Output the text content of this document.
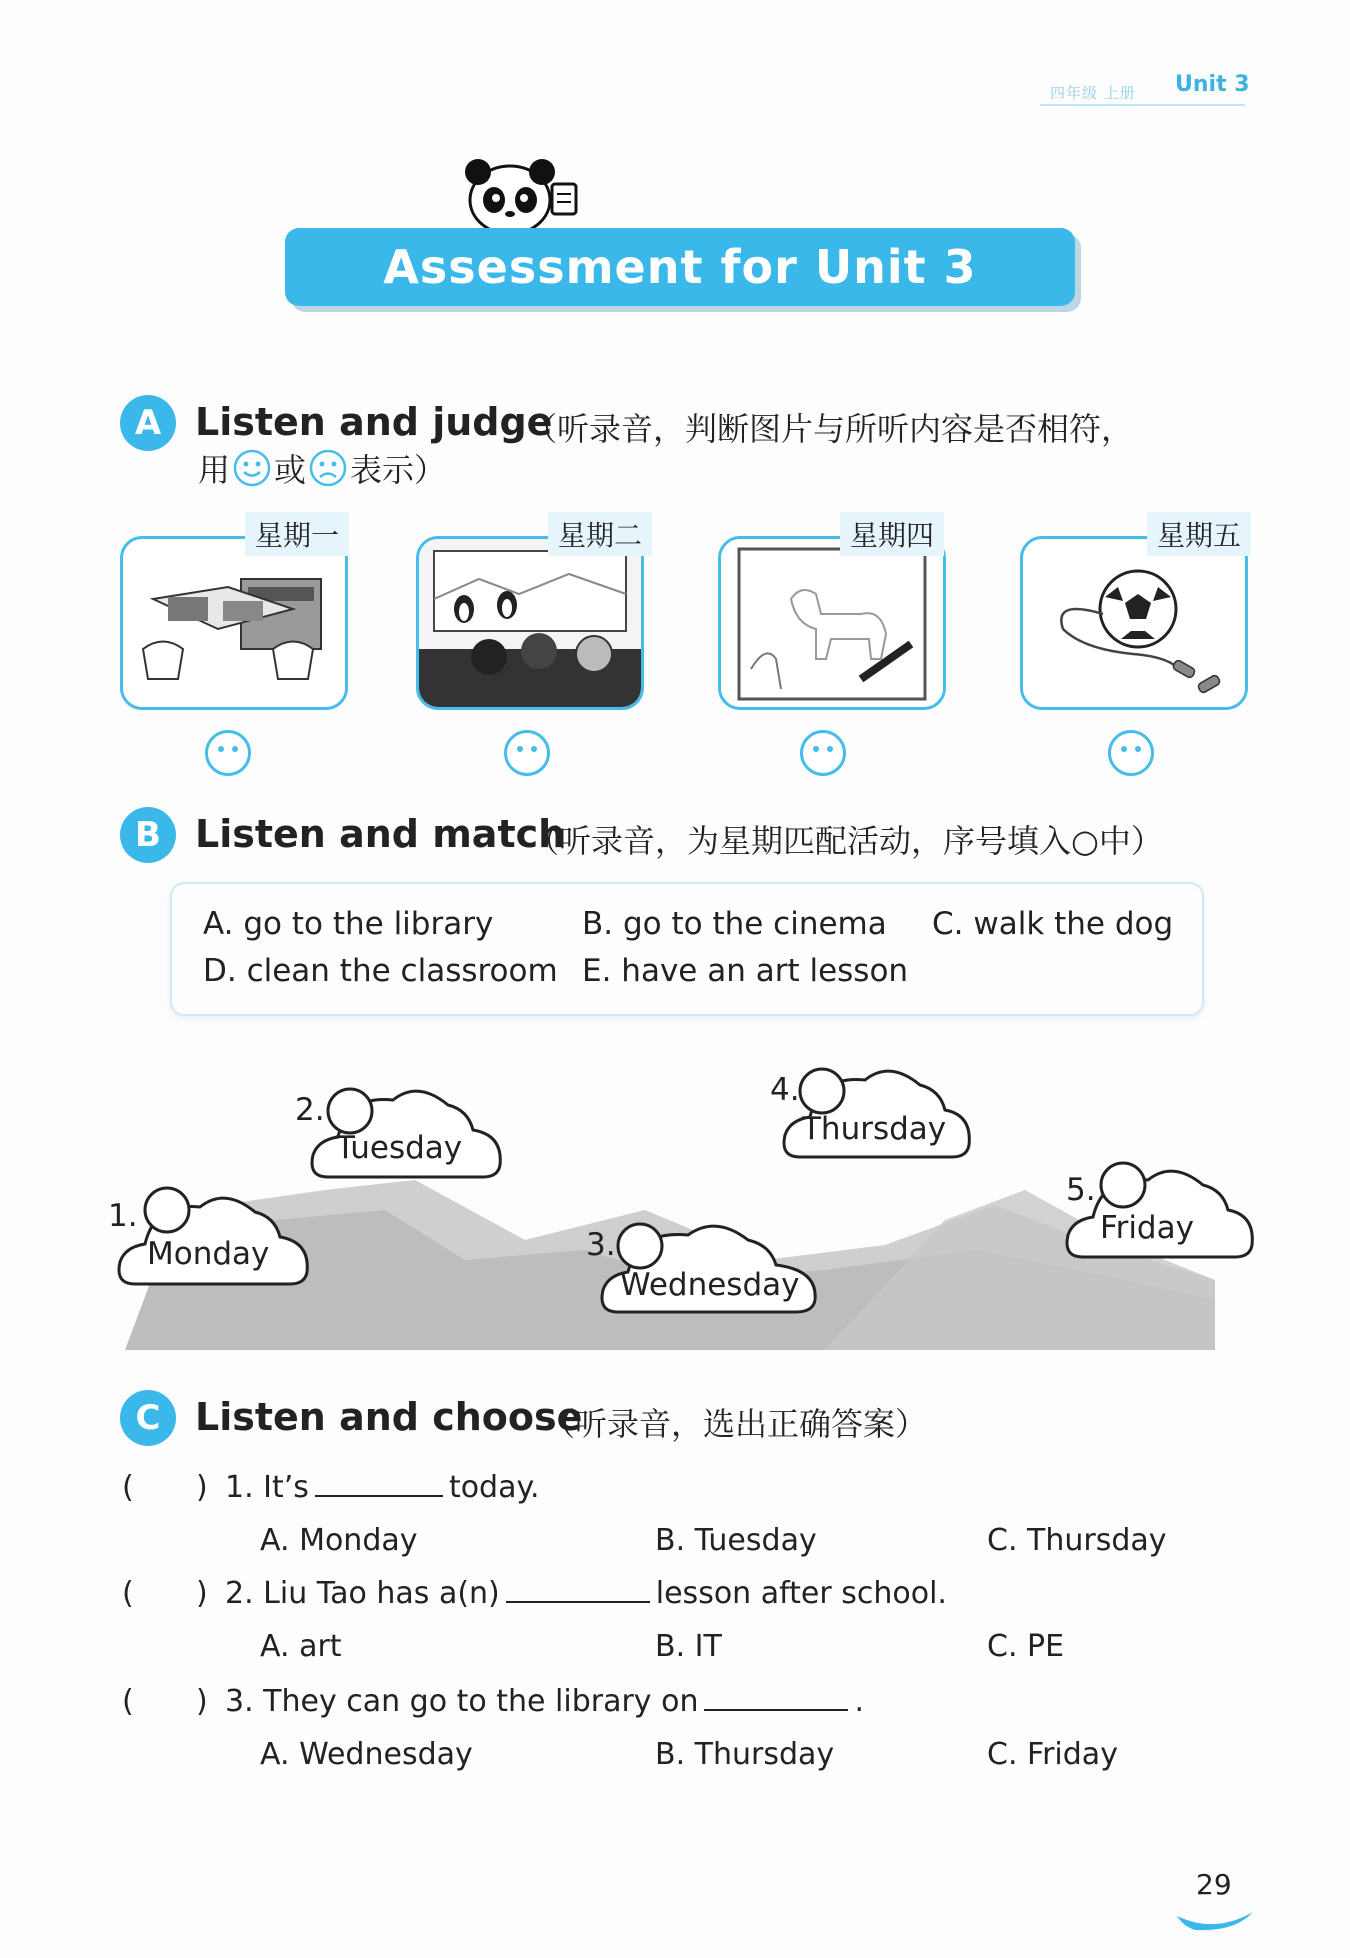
四年级 上册 Unit 3
Assessment for Unit 3
A Listen and judge
（听录音，判断图片与所听内容是否相符，
用 或 表示）
星期一	星期二	星期四	星期五
B Listen and match
（听录音，为星期匹配活动，序号填入○中）
A. go to the library	B. go to the cinema C. walk the dog
D. clean the classroom E. have an art lesson
1.
Monday
2.
Tuesday
3.
Wednesday
4.
Thursday
5.
Friday
C Listen and choose
（听录音，选出正确答案）
( ) 1. It’s	today.
A. Monday	B. Tuesday	C. Thursday
( ) 2. Liu Tao has a(n)	lesson after school.
A. art	B. IT	C. PE
( ) 3. They can go to the library on	.
A. Wednesday	B. Thursday	C. Friday
29
